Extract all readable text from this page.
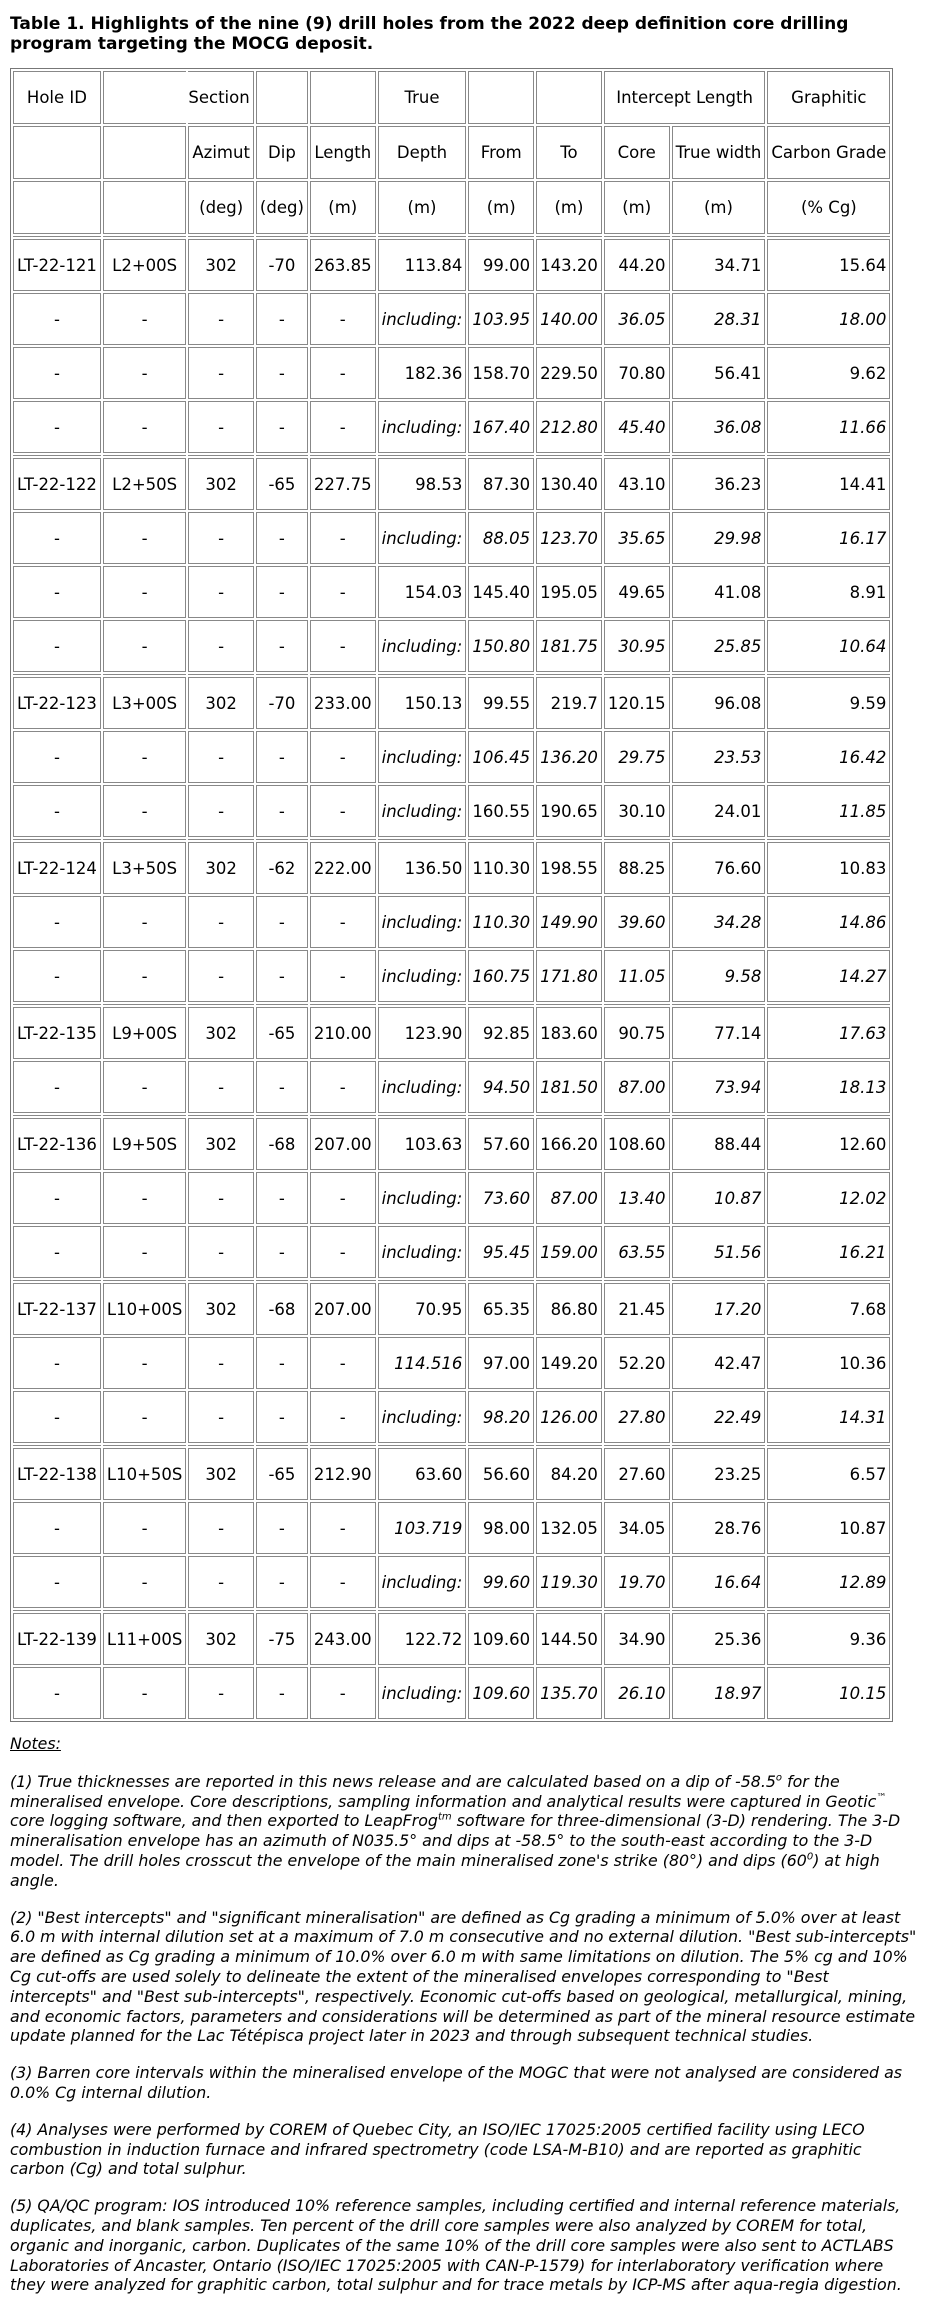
Table 1. Highlights of the nine (9) drill holes from the 2022 deep definition core drilling program targeting the MOCG deposit.
Hole ID		Section			True			Intercept Length		Graphitic
		Azimut	Dip	Length	Depth	From	To	Core	True width	Carbon Grade
		(deg)	(deg)	(m)	(m)	(m)	(m)	(m)	(m)	(% Cg)

LT-22-121	L2+00S	302	-70	263.85	113.84	99.00	143.20	44.20	34.71	15.64
-	-	-	-	-	including:	103.95	140.00	36.05	28.31	18.00
-	-	-	-	-	182.36	158.70	229.50	70.80	56.41	9.62
-	-	-	-	-	including:	167.40	212.80	45.40	36.08	11.66

LT-22-122	L2+50S	302	-65	227.75	98.53	87.30	130.40	43.10	36.23	14.41
-	-	-	-	-	including:	88.05	123.70	35.65	29.98	16.17
-	-	-	-	-	154.03	145.40	195.05	49.65	41.08	8.91
-	-	-	-	-	including:	150.80	181.75	30.95	25.85	10.64

LT-22-123	L3+00S	302	-70	233.00	150.13	99.55	219.7	120.15	96.08	9.59
-	-	-	-	-	including:	106.45	136.20	29.75	23.53	16.42
-	-	-	-	-	including:	160.55	190.65	30.10	24.01	11.85

LT-22-124	L3+50S	302	-62	222.00	136.50	110.30	198.55	88.25	76.60	10.83
-	-	-	-	-	including:	110.30	149.90	39.60	34.28	14.86
-	-	-	-	-	including:	160.75	171.80	11.05	9.58	14.27

LT-22-135	L9+00S	302	-65	210.00	123.90	92.85	183.60	90.75	77.14	17.63
-	-	-	-	-	including:	94.50	181.50	87.00	73.94	18.13

LT-22-136	L9+50S	302	-68	207.00	103.63	57.60	166.20	108.60	88.44	12.60
-	-	-	-	-	including:	73.60	87.00	13.40	10.87	12.02
-	-	-	-	-	including:	95.45	159.00	63.55	51.56	16.21

LT-22-137	L10+00S	302	-68	207.00	70.95	65.35	86.80	21.45	17.20	7.68
-	-	-	-	-	114.516	97.00	149.20	52.20	42.47	10.36
-	-	-	-	-	including:	98.20	126.00	27.80	22.49	14.31

LT-22-138	L10+50S	302	-65	212.90	63.60	56.60	84.20	27.60	23.25	6.57
-	-	-	-	-	103.719	98.00	132.05	34.05	28.76	10.87
-	-	-	-	-	including:	99.60	119.30	19.70	16.64	12.89

LT-22-139	L11+00S	302	-75	243.00	122.72	109.60	144.50	34.90	25.36	9.36
-	-	-	-	-	including:	109.60	135.70	26.10	18.97	10.15
Notes:

(1) True thicknesses are reported in this news release and are calculated based on a dip of -58.5$^o$ for the mineralised envelope. Core descriptions, sampling information and analytical results were captured in Geotic™ core logging software, and then exported to LeapFrog$^{tm}$ software for three-dimensional (3-D) rendering. The 3-D mineralisation envelope has an azimuth of N035.5° and dips at -58.5° to the south-east according to the 3-D model. The drill holes crosscut the envelope of the main mineralised zone's strike (80°) and dips $(60^0)$ at high angle.

(2) "Best intercepts" and "significant mineralisation" are defined as Cg grading a minimum of 5.0% over at least 6.0 m with internal dilution set at a maximum of 7.0 m consecutive and no external dilution. "Best sub-intercepts" are defined as Cg grading a minimum of 10.0% over 6.0 m with same limitations on dilution. The 5% cg and 10% Cg cut-offs are used solely to delineate the extent of the mineralised envelopes corresponding to "Best intercepts" and "Best sub-intercepts", respectively. Economic cut-offs based on geological, metallurgical, mining, and economic factors, parameters and considerations will be determined as part of the mineral resource estimate update planned for the Lac Tétépisca project later in 2023 and through subsequent technical studies.

(3) Barren core intervals within the mineralised envelope of the MOGC that were not analysed are considered as 0.0% Cg internal dilution.

(4) Analyses were performed by COREM of Quebec City, an ISO/IEC 17025:2005 certified facility using LECO combustion in induction furnace and infrared spectrometry (code LSA-M-B10) and are reported as graphitic carbon (Cg) and total sulphur.

(5) QA/QC program: IOS introduced 10% reference samples, including certified and internal reference materials, duplicates, and blank samples. Ten percent of the drill core samples were also analyzed by COREM for total, organic and inorganic, carbon. Duplicates of the same 10% of the drill core samples were also sent to ACTLABS Laboratories of Ancaster, Ontario (ISO/IEC 17025:2005 with CAN-P-1579) for interlaboratory verification where they were analyzed for graphitic carbon, total sulphur and for trace metals by ICP-MS after aqua-regia digestion.
